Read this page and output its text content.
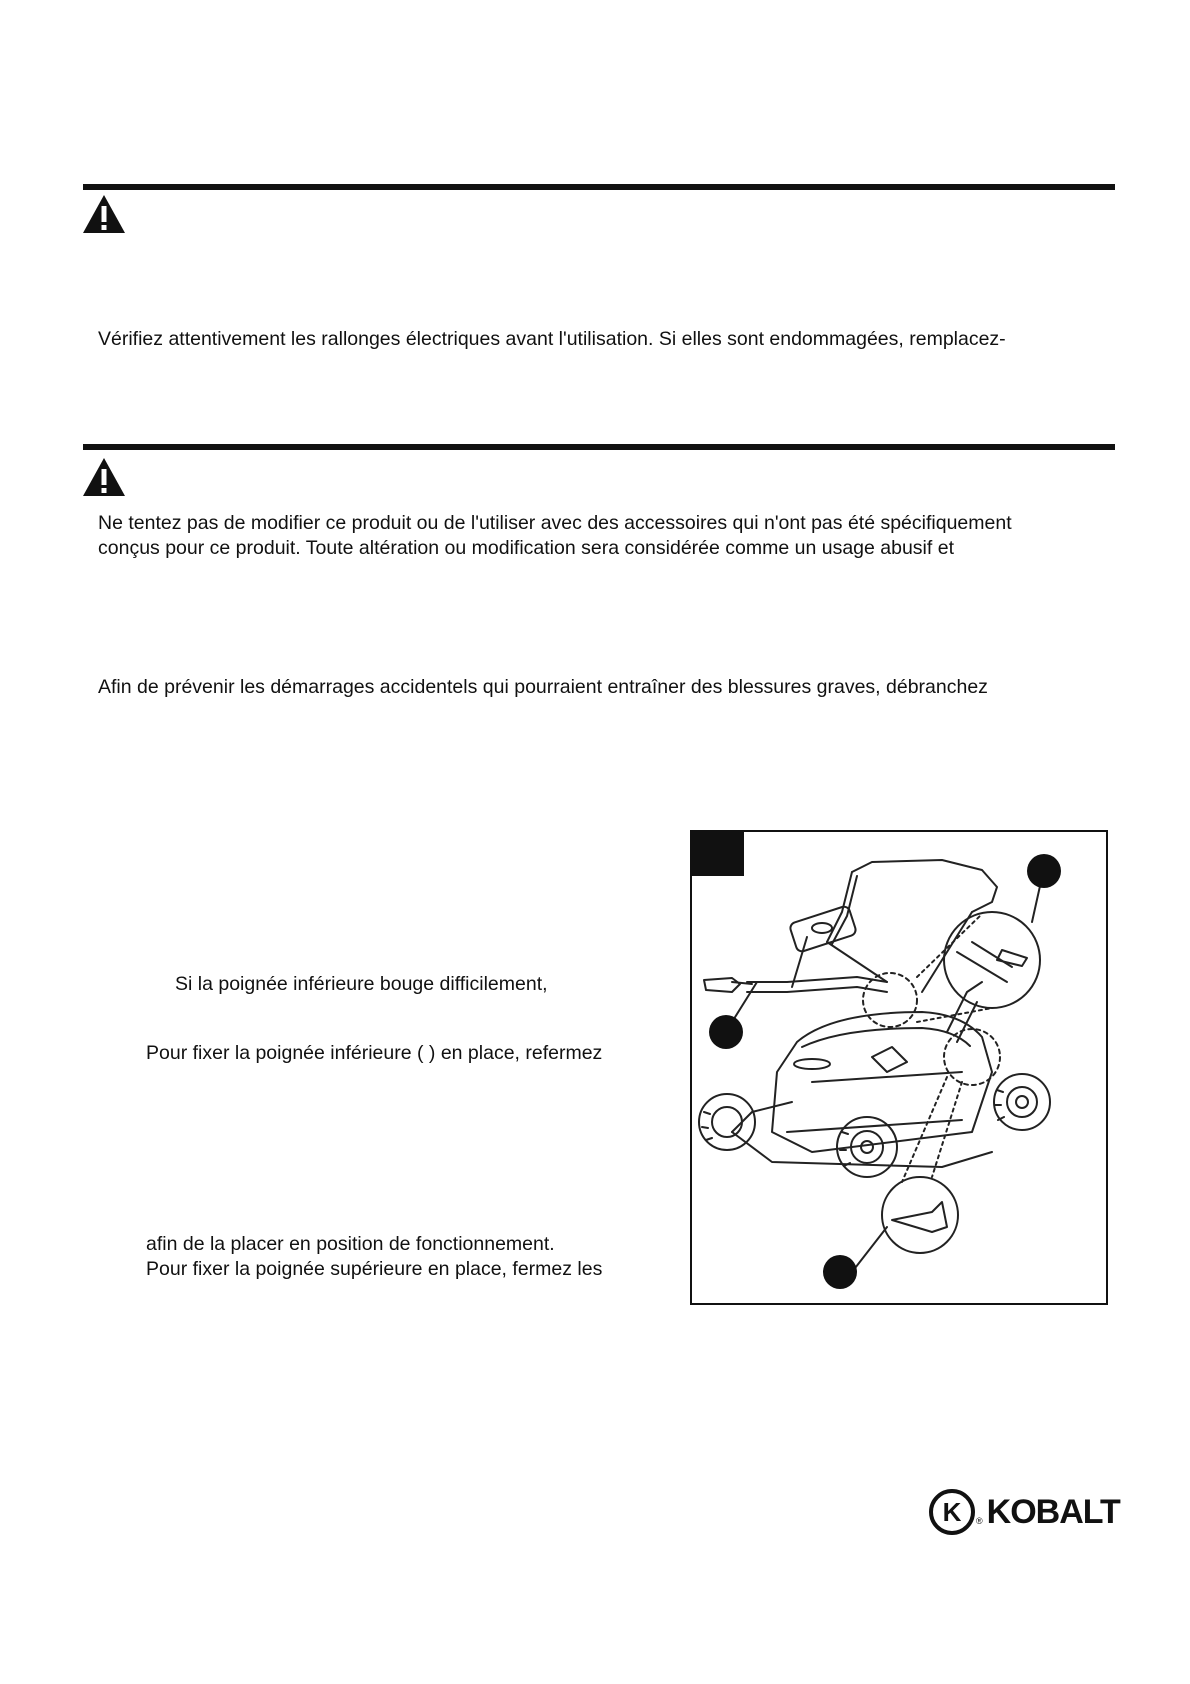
Vérifiez attentivement les rallonges électriques avant l'utilisation. Si elles sont endommagées, remplacez-
Ne tentez pas de modifier ce produit ou de l'utiliser avec des accessoires qui n'ont pas été spécifiquement
conçus pour ce produit. Toute altération ou modification sera considérée comme un usage abusif et
Afin de prévenir les démarrages accidentels qui pourraient entraîner des blessures graves, débranchez
Si la poignée inférieure bouge difficilement,
Pour fixer la poignée inférieure ( ) en place, refermez
afin de la placer en position de fonctionnement.
Pour fixer la poignée supérieure en place, fermez les
K ® KOBALT
